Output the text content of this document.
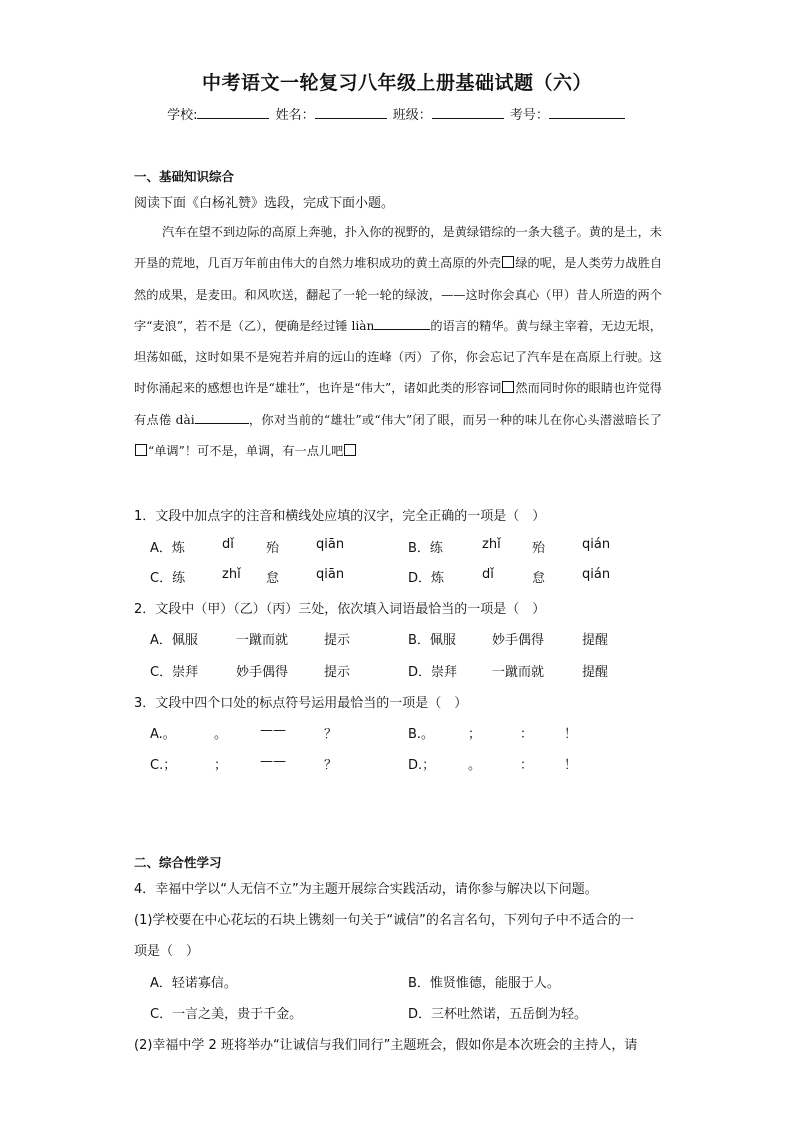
中考语文一轮复习八年级上册基础试题（六）
学校:	姓名：	班级：	考号：
一、基础知识综合
阅读下面《白杨礼赞》选段，完成下面小题。

汽车在望不到边际的高原上奔驰，扑入你的视野的，是黄绿错综的一条大毯子。黄的是土，未开垦的荒地，几百万年前由伟大的自然力堆积成功的黄土高原的外壳 绿的呢，是人类劳力战胜自然的成果，是麦田。和风吹送，翻起了一轮一轮的绿波，——这时你会真心（甲）昔人所造的两个字“麦浪”，若不是（乙），便确是经过锤 liàn	的语言的精华。黄与绿主宰着，无边无垠，坦荡如砥，这时如果不是宛若并肩的远山的连峰（丙）了你，你会忘记了汽车是在高原上行驶。这时你涌起来的感想也许是“雄壮”，也许是“伟大”，诸如此类的形容词 然而同时你的眼睛也许觉得有点倦 dài	，你对当前的“雄壮”或“伟大”闭了眼，而另一种的味儿在你心头潜滋暗长了“单调”！可不是，单调，有一点儿吧

1．文段中加点字的注音和横线处应填的汉字，完全正确的一项是（　）
A．炼	dǐ 殆	qiān	B．练	zhǐ 殆	qián
C．练	zhǐ 怠	qiān	D．炼	dǐ	怠	qián
2．文段中（甲）（乙）（丙）三处，依次填入词语最恰当的一项是（　）
A．佩服	一蹴而就	提示	B．佩服	妙手偶得	提醒
C．崇拜	妙手偶得	提示	D．崇拜	一蹴而就	提醒
3．文段中四个口处的标点符号运用最恰当的一项是（　）
A.。	。	——	？	B.。	；	： ！
C.；	；	——	？	D.；	。	： ！
二、综合性学习
4．幸福中学以“人无信不立”为主题开展综合实践活动，请你参与解决以下问题。
(1)学校要在中心花坛的石块上镌刻一句关于“诚信”的名言名句，下列句子中不适合的一
项是（　）
A．轻诺寡信。	B．惟贤惟德，能服于人。
C．一言之美，贵于千金。	D．三杯吐然诺，五岳倒为轻。
(2)幸福中学 2 班将举办“让诚信与我们同行”主题班会，假如你是本次班会的主持人，请
